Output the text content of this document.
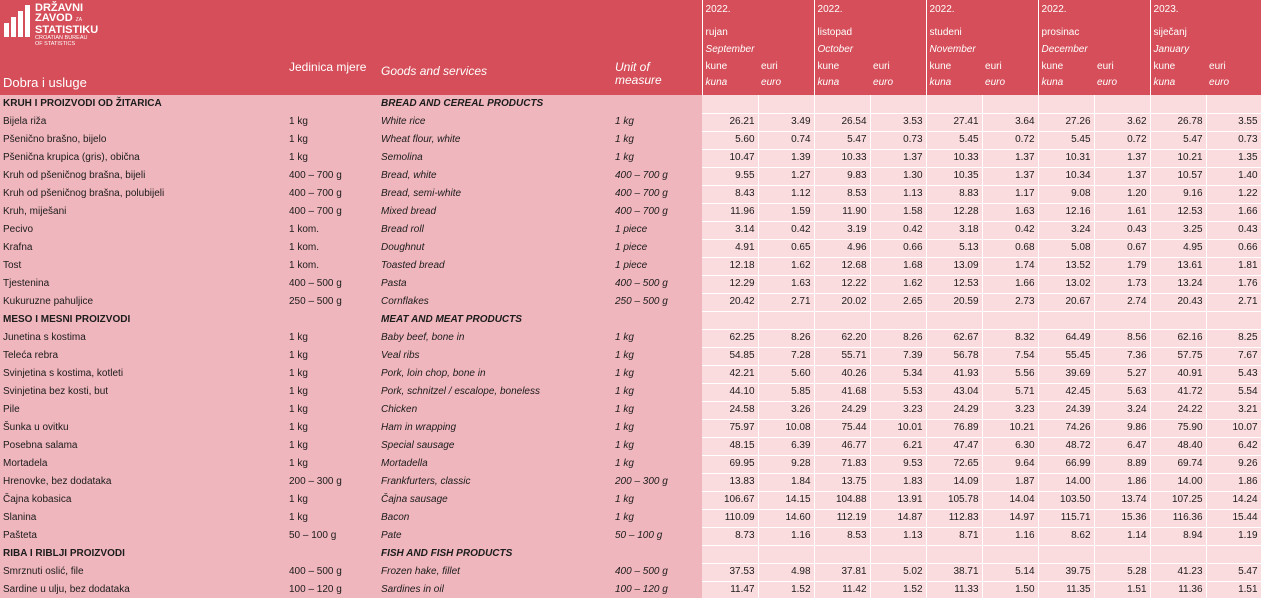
DRŽAVNI
ZAVOD ZA
STATISTIKU
CROATIAN BUREAU
OF STATISTICS				2022.		2022.		2022.		2022.		2023.	
				rujan		listopad		studeni		prosinac		siječanj	
				September		October		November		December		January	
Dobra i usluge	Jedinica mjere	Goods and services	Unit of measure	kune	euri	kune	euri	kune	euri	kune	euri	kune	euri
				kuna	euro	kuna	euro	kuna	euro	kuna	euro	kuna	euro
KRUH I PROIZVODI OD ŽITARICA		BREAD AND CEREAL PRODUCTS											
Bijela riža	1 kg	White rice	1 kg	26.21	3.49	26.54	3.53	27.41	3.64	27.26	3.62	26.78	3.55
Pšenično brašno, bijelo	1 kg	Wheat flour, white	1 kg	5.60	0.74	5.47	0.73	5.45	0.72	5.45	0.72	5.47	0.73
Pšenična krupica (gris), obična	1 kg	Semolina	1 kg	10.47	1.39	10.33	1.37	10.33	1.37	10.31	1.37	10.21	1.35
Kruh od pšeničnog brašna, bijeli	400 – 700 g	Bread, white	400 – 700 g	9.55	1.27	9.83	1.30	10.35	1.37	10.34	1.37	10.57	1.40
Kruh od pšeničnog brašna, polubijeli	400 – 700 g	Bread, semi-white	400 – 700 g	8.43	1.12	8.53	1.13	8.83	1.17	9.08	1.20	9.16	1.22
Kruh, miješani	400 – 700 g	Mixed bread	400 – 700 g	11.96	1.59	11.90	1.58	12.28	1.63	12.16	1.61	12.53	1.66
Pecivo	1 kom.	Bread roll	1 piece	3.14	0.42	3.19	0.42	3.18	0.42	3.24	0.43	3.25	0.43
Krafna	1 kom.	Doughnut	1 piece	4.91	0.65	4.96	0.66	5.13	0.68	5.08	0.67	4.95	0.66
Tost	1 kom.	Toasted bread	1 piece	12.18	1.62	12.68	1.68	13.09	1.74	13.52	1.79	13.61	1.81
Tjestenina	400 – 500 g	Pasta	400 – 500 g	12.29	1.63	12.22	1.62	12.53	1.66	13.02	1.73	13.24	1.76
Kukuruzne pahuljice	250 – 500 g	Cornflakes	250 – 500 g	20.42	2.71	20.02	2.65	20.59	2.73	20.67	2.74	20.43	2.71
MESO I MESNI PROIZVODI		MEAT AND MEAT PRODUCTS											
Junetina s kostima	1 kg	Baby beef, bone in	1 kg	62.25	8.26	62.20	8.26	62.67	8.32	64.49	8.56	62.16	8.25
Teleća rebra	1 kg	Veal ribs	1 kg	54.85	7.28	55.71	7.39	56.78	7.54	55.45	7.36	57.75	7.67
Svinjetina s kostima, kotleti	1 kg	Pork, loin chop, bone in	1 kg	42.21	5.60	40.26	5.34	41.93	5.56	39.69	5.27	40.91	5.43
Svinjetina bez kosti, but	1 kg	Pork, schnitzel / escalope, boneless	1 kg	44.10	5.85	41.68	5.53	43.04	5.71	42.45	5.63	41.72	5.54
Pile	1 kg	Chicken	1 kg	24.58	3.26	24.29	3.23	24.29	3.23	24.39	3.24	24.22	3.21
Šunka u ovitku	1 kg	Ham in wrapping	1 kg	75.97	10.08	75.44	10.01	76.89	10.21	74.26	9.86	75.90	10.07
Posebna salama	1 kg	Special sausage	1 kg	48.15	6.39	46.77	6.21	47.47	6.30	48.72	6.47	48.40	6.42
Mortadela	1 kg	Mortadella	1 kg	69.95	9.28	71.83	9.53	72.65	9.64	66.99	8.89	69.74	9.26
Hrenovke, bez dodataka	200 – 300 g	Frankfurters, classic	200 – 300 g	13.83	1.84	13.75	1.83	14.09	1.87	14.00	1.86	14.00	1.86
Čajna kobasica	1 kg	Čajna sausage	1 kg	106.67	14.15	104.88	13.91	105.78	14.04	103.50	13.74	107.25	14.24
Slanina	1 kg	Bacon	1 kg	110.09	14.60	112.19	14.87	112.83	14.97	115.71	15.36	116.36	15.44
Pašteta	50 – 100 g	Pate	50 – 100 g	8.73	1.16	8.53	1.13	8.71	1.16	8.62	1.14	8.94	1.19
RIBA I RIBLJI PROIZVODI		FISH AND FISH PRODUCTS											
Smrznuti oslić, file	400 – 500 g	Frozen hake, fillet	400 – 500 g	37.53	4.98	37.81	5.02	38.71	5.14	39.75	5.28	41.23	5.47
Sardine u ulju, bez dodataka	100 – 120 g	Sardines in oil	100 – 120 g	11.47	1.52	11.42	1.52	11.33	1.50	11.35	1.51	11.36	1.51
